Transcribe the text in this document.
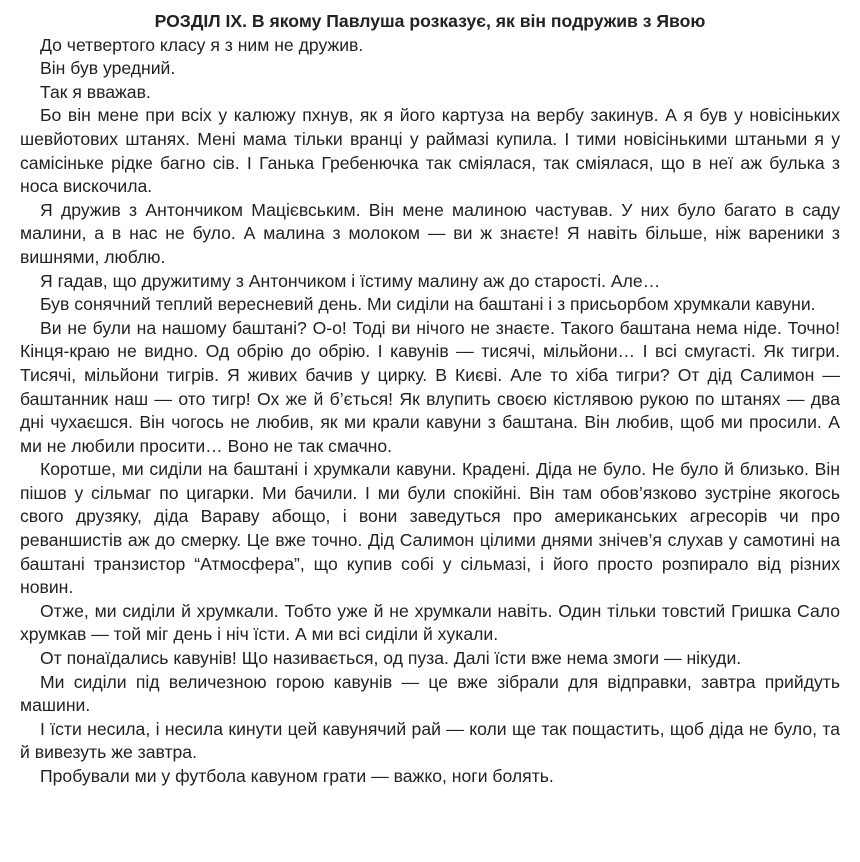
РОЗДІЛ IX. В якому Павлуша розказує, як він подружив з Явою

До четвертого класу я з ним не дружив.

Він був уредний.

Так я вважав.

Бо він мене при всіх у калюжу пхнув, як я його картуза на вербу закинув. А я був у новісіньких шевйотових штанях. Мені мама тільки вранці у раймазі купила. І тими новісінькими штаньми я у самісіньке рідке багно сів. І Ганька Гребенючка так сміялася, так сміялася, що в неї аж булька з носа вискочила.

Я дружив з Антончиком Мацієвським. Він мене малиною частував. У них було багато в саду малини, а в нас не було. А малина з молоком — ви ж знаєте! Я навіть більше, ніж вареники з вишнями, люблю.

Я гадав, що дружитиму з Антончиком і їстиму малину аж до старості. Але…

Був сонячний теплий вересневий день. Ми сиділи на баштані і з присьорбом хрумкали кавуни.

Ви не були на нашому баштані? О-о! Тоді ви нічого не знаєте. Такого баштана нема ніде. Точно! Кінця-краю не видно. Од обрію до обрію. І кавунів — тисячі, мільйони… І всі смугасті. Як тигри. Тисячі, мільйони тигрів. Я живих бачив у цирку. В Києві. Але то хіба тигри? От дід Салимон — баштанник наш — ото тигр! Ох же й б’ється! Як влупить своєю кістлявою рукою по штанях — два дні чухаєшся. Він чогось не любив, як ми крали кавуни з баштана. Він любив, щоб ми просили. А ми не любили просити… Воно не так смачно.

Коротше, ми сиділи на баштані і хрумкали кавуни. Крадені. Діда не було. Не було й близько. Він пішов у сільмаг по цигарки. Ми бачили. І ми були спокійні. Він там обов’язково зустріне якогось свого друзяку, діда Вараву абощо, і вони заведуться про американських агресорів чи про реваншистів аж до смерку. Це вже точно. Дід Салимон цілими днями знічев’я слухав у самотині на баштані транзистор “Атмосфера”, що купив собі у сільмазі, і його просто розпирало від різних новин.

Отже, ми сиділи й хрумкали. Тобто уже й не хрумкали навіть. Один тільки товстий Гришка Сало хрумкав — той міг день і ніч їсти. А ми всі сиділи й хукали.

От понаїдались кавунів! Що називається, од пуза. Далі їсти вже нема змоги — нікуди.

Ми сиділи під величезною горою кавунів — це вже зібрали для відправки, завтра прийдуть машини.

І їсти несила, і несила кинути цей кавунячий рай — коли ще так пощастить, щоб діда не було, та й вивезуть же завтра.

Пробували ми у футбола кавуном грати — важко, ноги болять.
